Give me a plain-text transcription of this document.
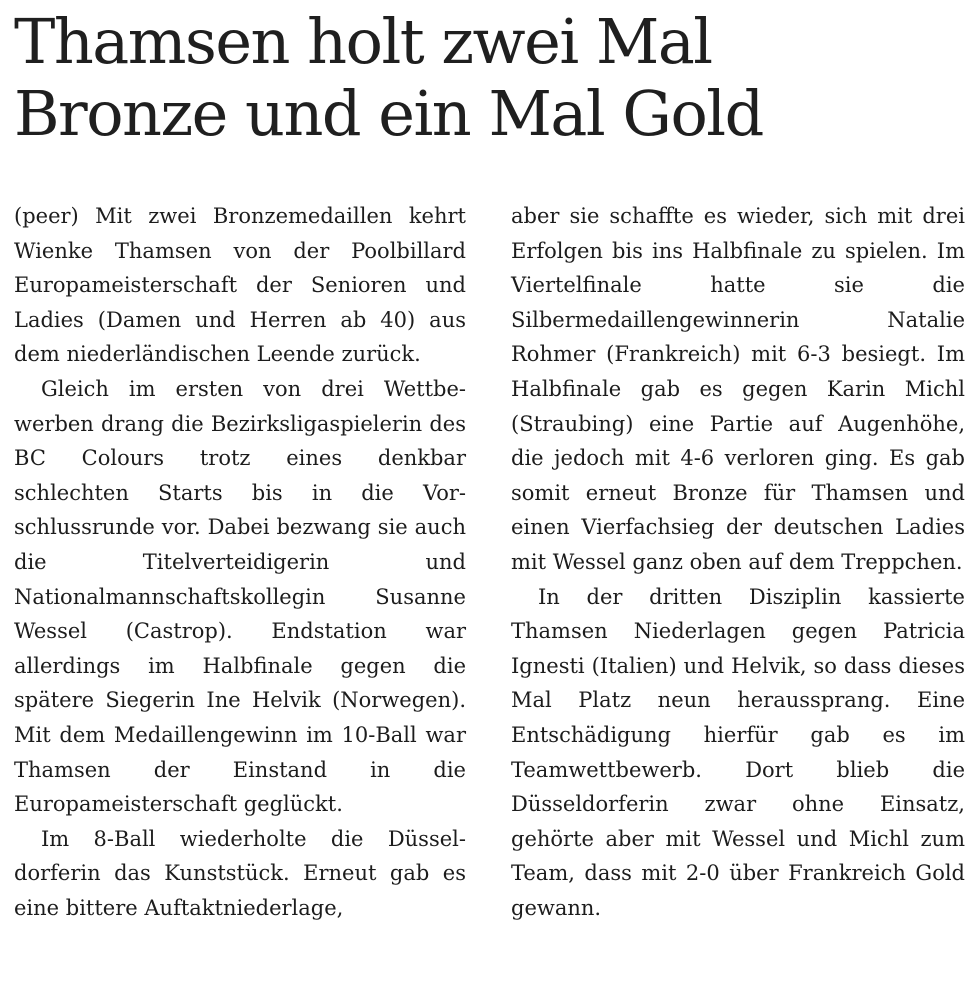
Thamsen holt zwei Mal
Bronze und ein Mal Gold

(peer) Mit zwei Bronzemedaillen kehrt Wienke Thamsen von der Poolbillard Europameisterschaft der Senioren und Ladies (Damen und Herren ab 40) aus dem niederländischen Leende zurück.

Gleich im ersten von drei Wettbewerben drang die Bezirksligaspielerin des BC Colours trotz eines denkbar schlechten Starts bis in die Vorschlussrunde vor. Dabei bezwang sie auch die Titelverteidigerin und Nationalmannschaftskollegin Susanne Wessel (Castrop). Endstation war allerdings im Halbfinale gegen die spätere Siegerin Ine Helvik (Norwegen). Mit dem Medaillengewinn im 10-Ball war Thamsen der Einstand in die Europameisterschaft geglückt.

Im 8-Ball wiederholte die Düsseldorferin das Kunststück. Erneut gab es eine bittere Auftaktniederlage,

aber sie schaffte es wieder, sich mit drei Erfolgen bis ins Halbfinale zu spielen. Im Viertelfinale hatte sie die Silbermedaillengewinnerin Natalie Rohmer (Frankreich) mit 6-3 besiegt. Im Halbfinale gab es gegen Karin Michl (Straubing) eine Partie auf Augenhöhe, die jedoch mit 4-6 verloren ging. Es gab somit erneut Bronze für Thamsen und einen Vierfachsieg der deutschen Ladies mit Wessel ganz oben auf dem Treppchen.

In der dritten Disziplin kassierte Thamsen Niederlagen gegen Patricia Ignesti (Italien) und Helvik, so dass dieses Mal Platz neun heraussprang. Eine Entschädigung hierfür gab es im Teamwettbewerb. Dort blieb die Düsseldorferin zwar ohne Einsatz, gehörte aber mit Wessel und Michl zum Team, dass mit 2-0 über Frankreich Gold gewann.
